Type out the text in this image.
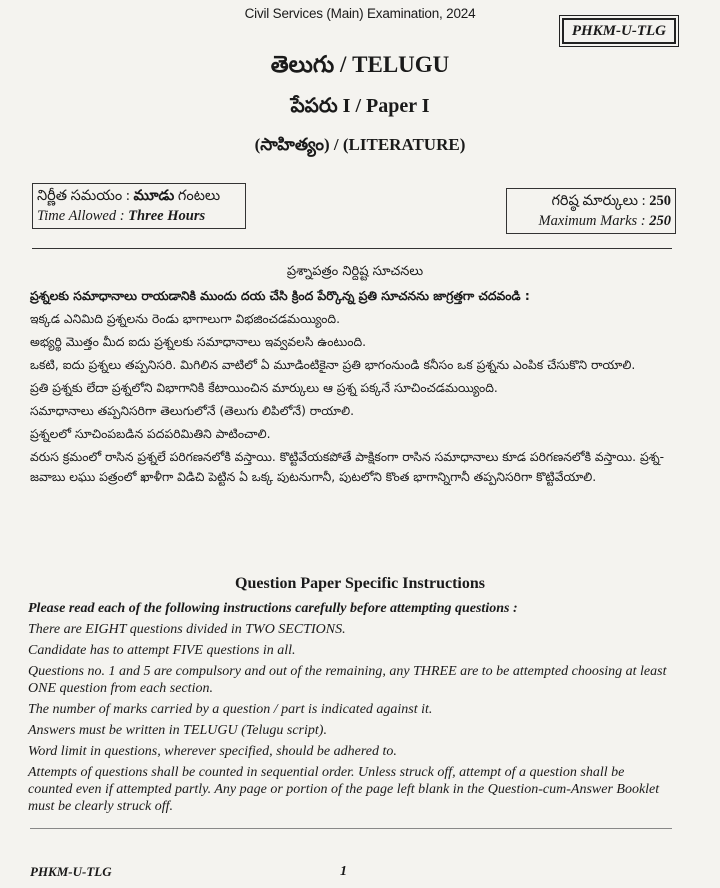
Civil Services (Main) Examination, 2024
PHKM-U-TLG
తెలుగు / TELUGU
పేపరు I / Paper I
(సాహిత్యం) / (LITERATURE)
నిర్ణీత సమయం : మూడు గంటలు
Time Allowed : Three Hours
గరిష్ఠ మార్కులు : 250
Maximum Marks : 250
ప్రశ్నాపత్రం నిర్దిష్ట సూచనలు

ప్రశ్నలకు సమాధానాలు రాయడానికి ముందు దయ చేసి క్రింద పేర్కొన్న ప్రతి సూచనను జాగ్రత్తగా చదవండి :

ఇక్కడ ఎనిమిది ప్రశ్నలను రెండు భాగాలుగా విభజించడమయ్యింది.

అభ్యర్థి మొత్తం మీద ఐదు ప్రశ్నలకు సమాధానాలు ఇవ్వవలసి ఉంటుంది.

ఒకటి, ఐదు ప్రశ్నలు తప్పనిసరి. మిగిలిన వాటిలో ఏ మూడింటికైనా ప్రతి భాగంనుండి కనీసం ఒక ప్రశ్నను ఎంపిక చేసుకొని రాయాలి.

ప్రతి ప్రశ్నకు లేదా ప్రశ్నలోని విభాగానికి కేటాయించిన మార్కులు ఆ ప్రశ్న పక్కనే సూచించడమయ్యింది.

సమాధానాలు తప్పనిసరిగా తెలుగులోనే (తెలుగు లిపిలోనే) రాయాలి.

ప్రశ్నలలో సూచింపబడిన పదపరిమితిని పాటించాలి.

వరుస క్రమంలో రాసిన ప్రశ్నలే పరిగణనలోకి వస్తాయి. కొట్టివేయకపోతే పాక్షికంగా రాసిన సమాధానాలు కూడ పరిగణనలోకి వస్తాయి. ప్రశ్న-జవాబు లఘు పత్రంలో ఖాళీగా విడిచి పెట్టిన ఏ ఒక్క పుటనుగానీ, పుటలోని కొంత భాగాన్నిగానీ తప్పనిసరిగా కొట్టివేయాలి.

Question Paper Specific Instructions

Please read each of the following instructions carefully before attempting questions :

There are EIGHT questions divided in TWO SECTIONS.

Candidate has to attempt FIVE questions in all.

Questions no. 1 and 5 are compulsory and out of the remaining, any THREE are to be attempted choosing at least ONE question from each section.

The number of marks carried by a question / part is indicated against it.

Answers must be written in TELUGU (Telugu script).

Word limit in questions, wherever specified, should be adhered to.

Attempts of questions shall be counted in sequential order. Unless struck off, attempt of a question shall be counted even if attempted partly. Any page or portion of the page left blank in the Question-cum-Answer Booklet must be clearly struck off.

PHKM-U-TLG	1
